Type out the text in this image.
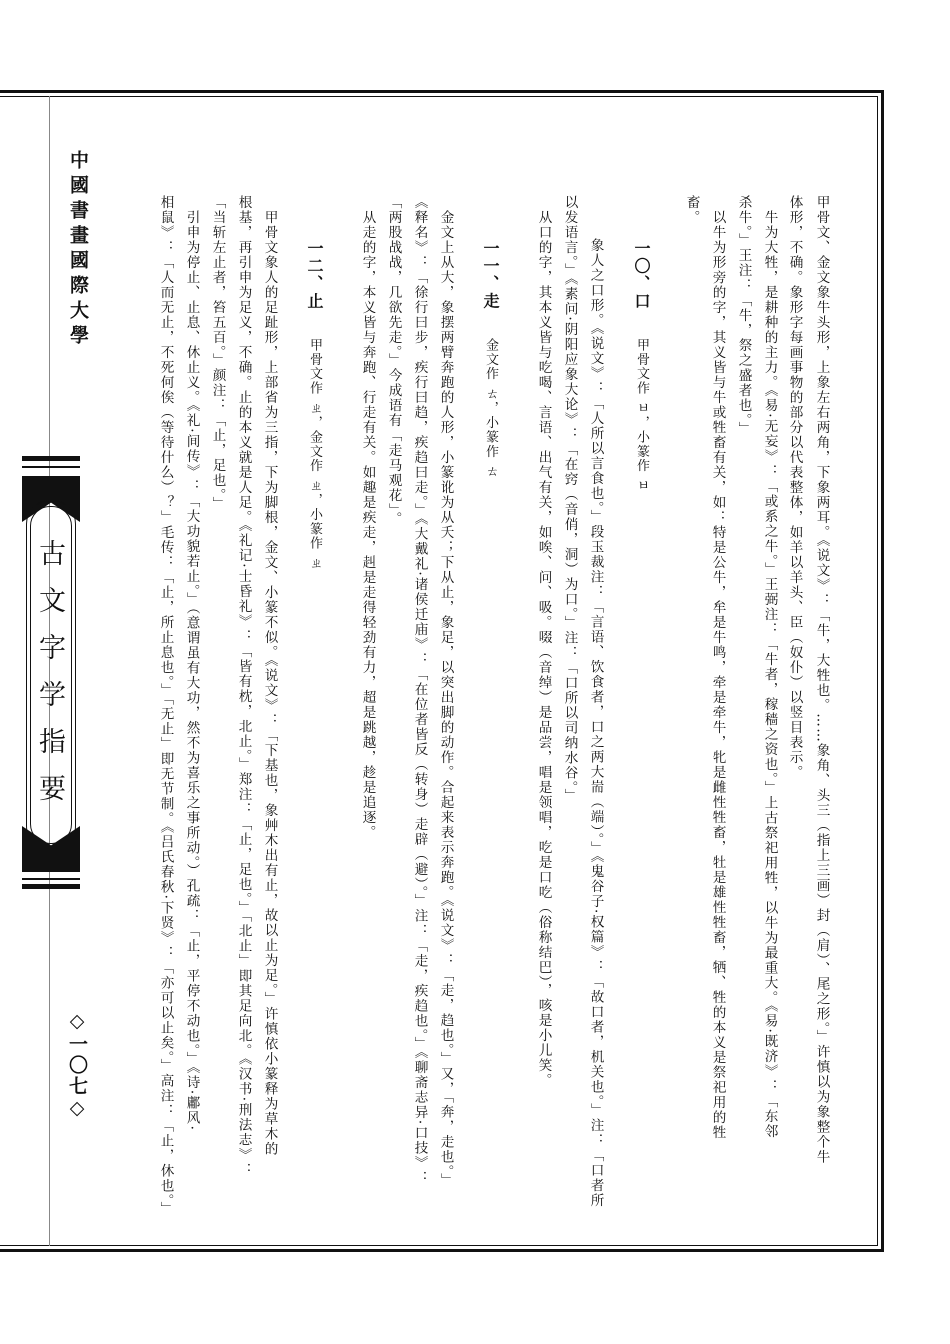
中國書畫國際大學
古文字学指要
◇一〇七◇	甲骨文、金文象牛头形，上象左右两角，下象两耳。《说文》：「牛，大牲也。……象角、头三（指上三画）封（肩）、尾之形。」许慎以为象整个牛
体形，不确。象形字每画事物的部分以代表整体，如羊以羊头、臣（奴仆）以竖目表示。
牛为大牲，是耕种的主力。《易·无妄》：「或系之牛。」王弼注：「牛者，稼穑之资也。」上古祭祀用牲，以牛为最重大。《易·既济》：「东邻
杀牛。」王注：「牛，祭之盛者也。」
以牛为形旁的字，其义皆与牛或牲畜有关，如：特是公牛，牟是牛鸣，牵是牵牛，牝是雌性牲畜，牡是雄性牲畜，牺、牲的本义是祭祀用的牲
畜。
一〇、口
甲骨文作 ㅂ，小篆作 ㅂ
象人之口形。《说文》：「人所以言食也。」段玉裁注：「言语、饮食者，口之两大耑（端）。」《鬼谷子·权篇》：「故口者，机关也。」注：「口者所
以发语言。」《素问·阴阳应象大论》：「在窍（音俏，洞）为口。」注：「口所以司纳水谷。」
从口的字，其本义皆与吃喝、言语、出气有关，如唉、问、吸。啜（音绰）是品尝，唱是领唱，吃是口吃（俗称结巴），咳是小儿笑。
一一、走
金文作 ㄊ，小篆作 ㄊ
金文上从大，象摆两臂奔跑的人形，小篆讹为从夭；下从止，象足，以突出脚的动作。合起来表示奔跑。《说文》：「走，趋也。」又，「奔，走也。」
《释名》：「徐行曰步，疾行曰趋，疾趋曰走。」《大戴礼·诸侯迁庙》：「在位者皆反（转身）走辟（避）。」注：「走，疾趋也。」《聊斋志异·口技》：
「两股战战，几欲先走。」今成语有「走马观花」。
从走的字，本义皆与奔跑、行走有关。如趣是疾走，赳是走得轻劲有力，超是跳越，趁是追逐。
一二、止
甲骨文作 ㄓ，金文作 ㄓ，小篆作 ㄓ
甲骨文象人的足趾形，上部省为三指，下为脚根，金文、小篆不似。《说文》：「下基也，象艸木出有止，故以止为足。」许慎依小篆释为草木的
根基，再引申为足义，不确。止的本义就是人足。《礼记·士昏礼》：「皆有枕，北止。」郑注：「止，足也。」「北止」即其足向北。《汉书·刑法志》：
「当斩左止者，笞五百。」颜注：「止，足也。」
引申为停止、止息、休止义。《礼·间传》：「大功貌若止。」（意谓虽有大功，然不为喜乐之事所动。）孔疏：「止，平停不动也。」《诗·鄘风·
相鼠》：「人而无止，不死何俟（等待什么）？」毛传：「止，所止息也。」「无止」即无节制。《吕氏春秋·下贤》：「亦可以止矣。」高注：「止，休也。」
